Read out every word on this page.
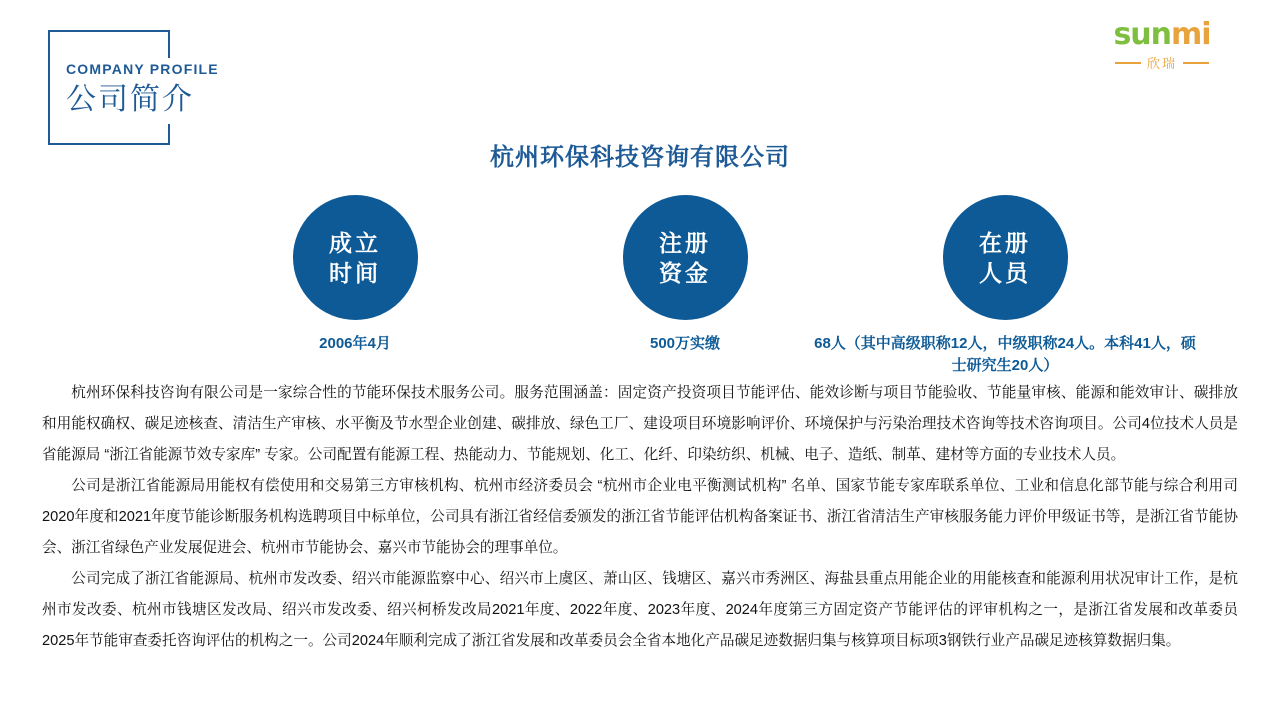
COMPANY PROFILE
公司简介
sunmi
欣瑞
杭州环保科技咨询有限公司
成立
时间
2006年4月
注册
资金
500万实缴
在册
人员
68人（其中高级职称12人，中级职称24人。本科41人，硕士研究生20人）

杭州环保科技咨询有限公司是一家综合性的节能环保技术服务公司。服务范围涵盖：固定资产投资项目节能评估、能效诊断与项目节能验收、节能量审核、能源和能效审计、碳排放和用能权确权、碳足迹核查、清洁生产审核、水平衡及节水型企业创建、碳排放、绿色工厂、建设项目环境影响评价、环境保护与污染治理技术咨询等技术咨询项目。公司4位技术人员是省能源局 “浙江省能源节效专家库” 专家。公司配置有能源工程、热能动力、节能规划、化工、化纤、印染纺织、机械、电子、造纸、制革、建材等方面的专业技术人员。

公司是浙江省能源局用能权有偿使用和交易第三方审核机构、杭州市经济委员会 “杭州市企业电平衡测试机构” 名单、国家节能专家库联系单位、工业和信息化部节能与综合利用司2020年度和2021年度节能诊断服务机构选聘项目中标单位，公司具有浙江省经信委颁发的浙江省节能评估机构备案证书、浙江省清洁生产审核服务能力评价甲级证书等，是浙江省节能协会、浙江省绿色产业发展促进会、杭州市节能协会、嘉兴市节能协会的理事单位。

公司完成了浙江省能源局、杭州市发改委、绍兴市能源监察中心、绍兴市上虞区、萧山区、钱塘区、嘉兴市秀洲区、海盐县重点用能企业的用能核查和能源利用状况审计工作，是杭州市发改委、杭州市钱塘区发改局、绍兴市发改委、绍兴柯桥发改局2021年度、2022年度、2023年度、2024年度第三方固定资产节能评估的评审机构之一，是浙江省发展和改革委员2025年节能审查委托咨询评估的机构之一。公司2024年顺利完成了浙江省发展和改革委员会全省本地化产品碳足迹数据归集与核算项目标项3钢铁行业产品碳足迹核算数据归集。
